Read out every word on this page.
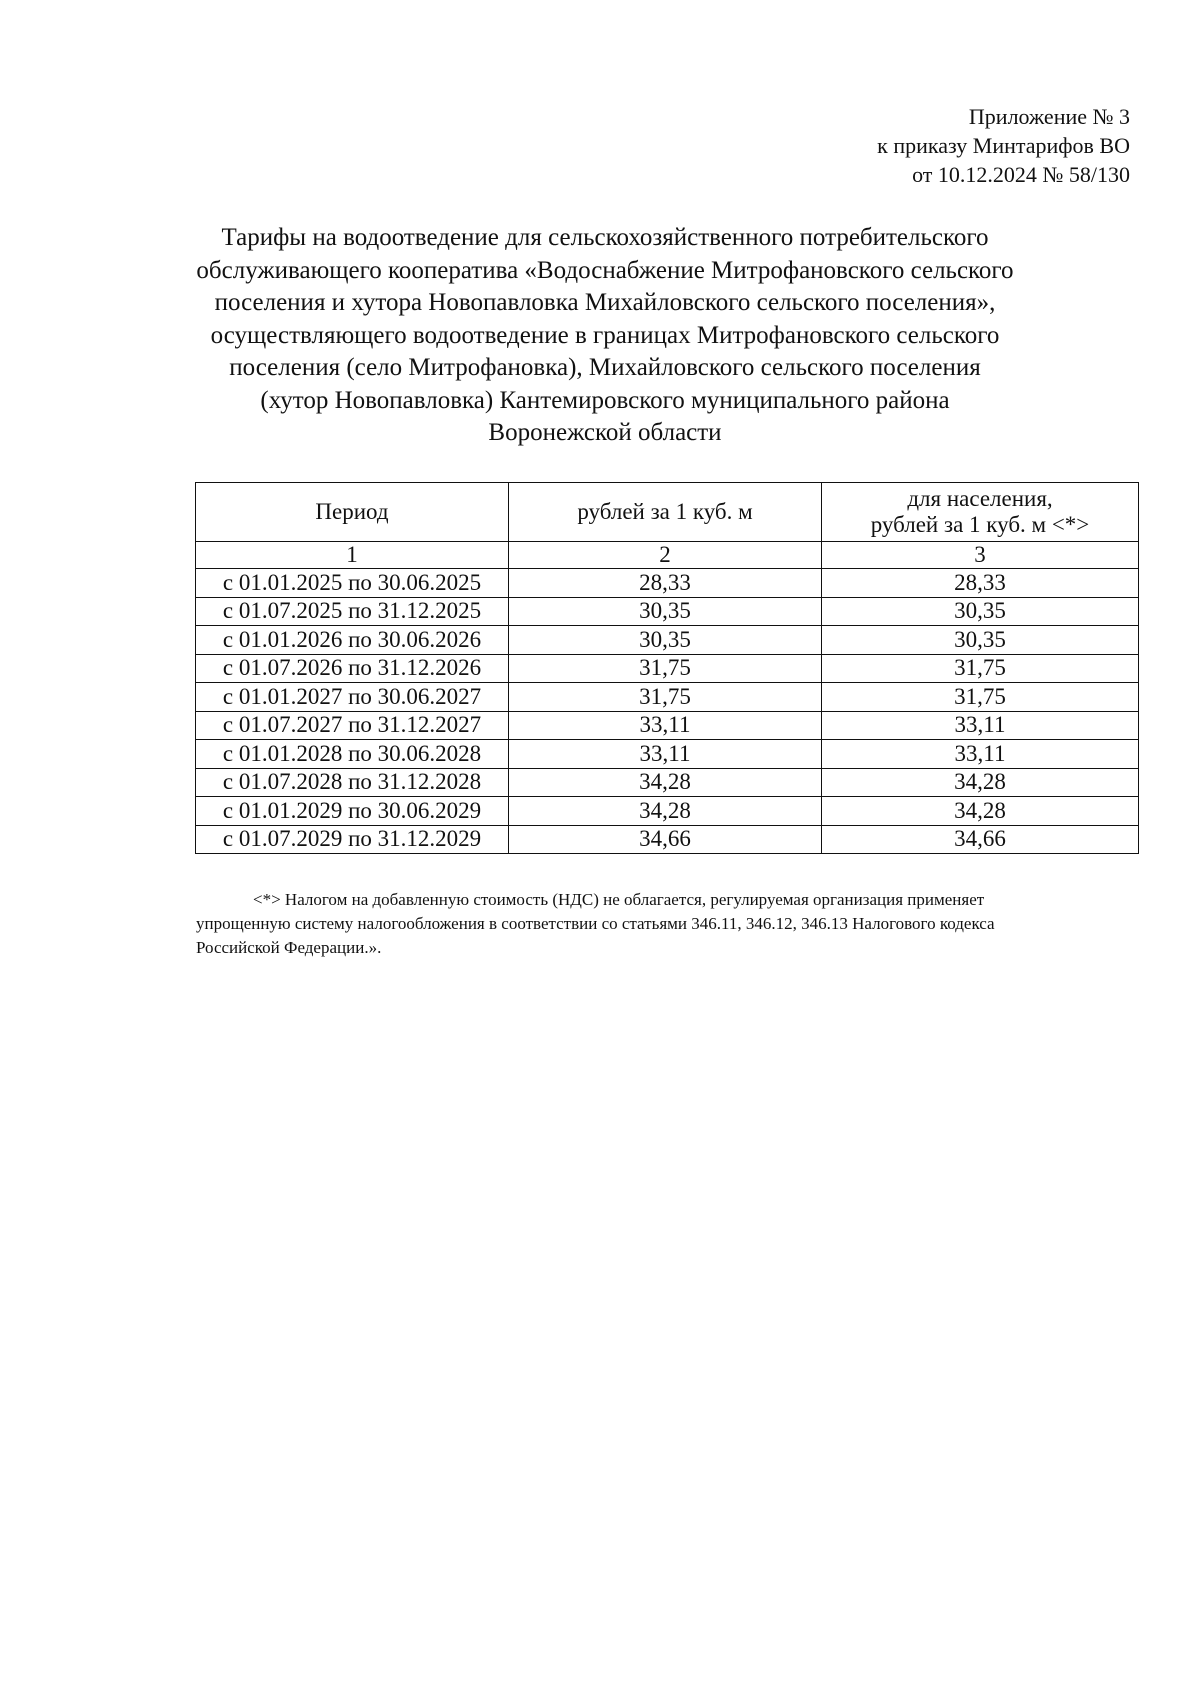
Приложение № 3
к приказу Минтарифов ВО
от 10.12.2024 № 58/130
Тарифы на водоотведение для сельскохозяйственного потребительского
обслуживающего кооператива «Водоснабжение Митрофановского сельского
поселения и хутора Новопавловка Михайловского сельского поселения»,
осуществляющего водоотведение в границах Митрофановского сельского
поселения (село Митрофановка), Михайловского сельского поселения
(хутор Новопавловка) Кантемировского муниципального района
Воронежской области
Период	рублей за 1 куб. м	для населения,
рублей за 1 куб. м <*>

1	2	3
с 01.01.2025 по 30.06.2025	28,33	28,33
с 01.07.2025 по 31.12.2025	30,35	30,35
с 01.01.2026 по 30.06.2026	30,35	30,35
с 01.07.2026 по 31.12.2026	31,75	31,75
с 01.01.2027 по 30.06.2027	31,75	31,75
с 01.07.2027 по 31.12.2027	33,11	33,11
с 01.01.2028 по 30.06.2028	33,11	33,11
с 01.07.2028 по 31.12.2028	34,28	34,28
с 01.01.2029 по 30.06.2029	34,28	34,28
с 01.07.2029 по 31.12.2029	34,66	34,66
<*> Налогом на добавленную стоимость (НДС) не облагается, регулируемая организация применяет
упрощенную систему налогообложения в соответствии со статьями 346.11, 346.12, 346.13 Налогового кодекса
Российской Федерации.».
